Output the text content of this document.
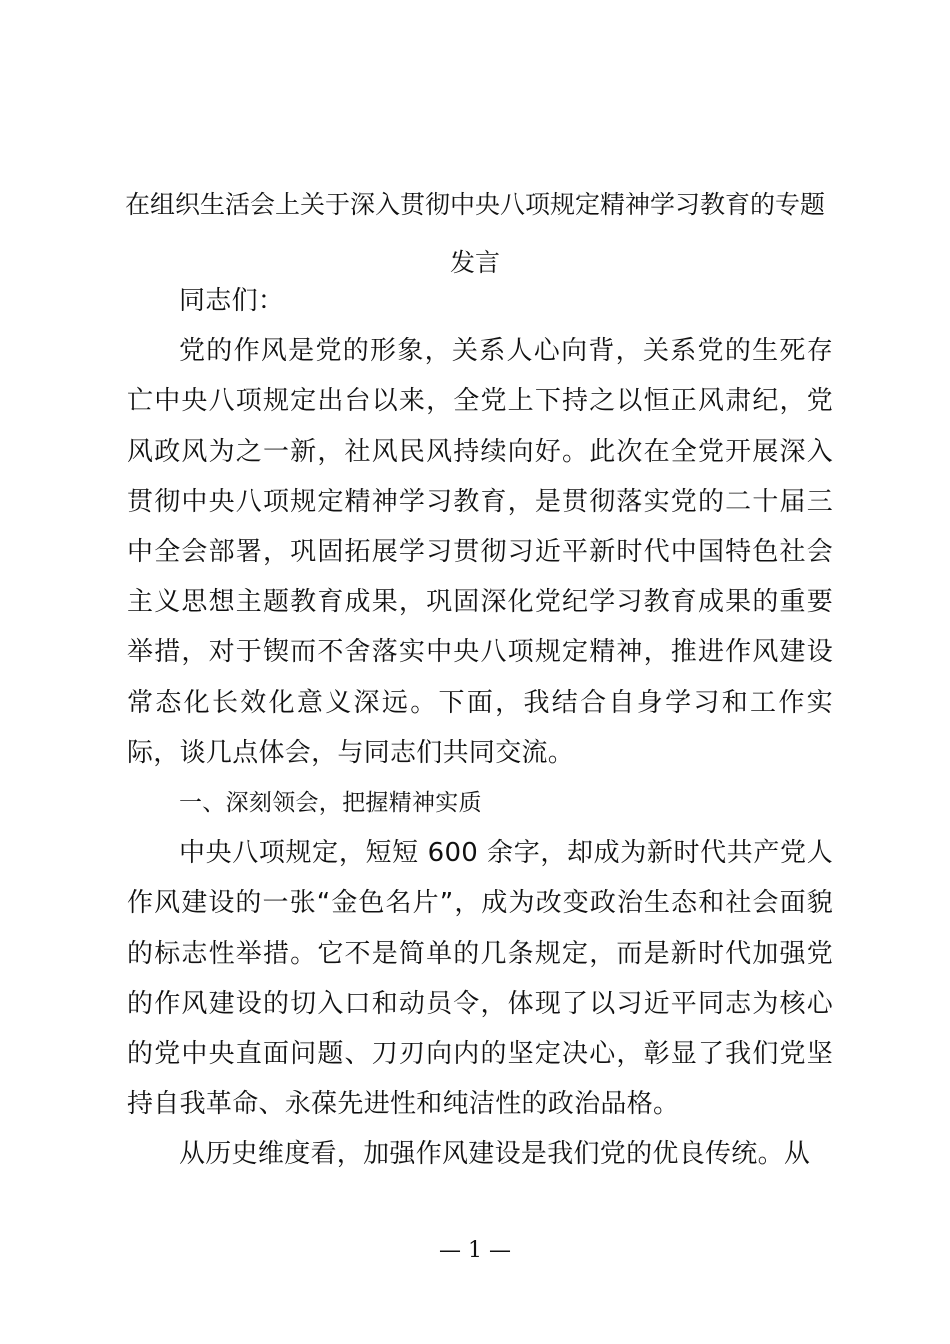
在组织生活会上关于深入贯彻中央八项规定精神学习教育的专题发言

同志们：

党的作风是党的形象，关系人心向背，关系党的生死存亡中央八项规定出台以来，全党上下持之以恒正风肃纪，党风政风为之一新，社风民风持续向好。此次在全党开展深入贯彻中央八项规定精神学习教育，是贯彻落实党的二十届三中全会部署，巩固拓展学习贯彻习近平新时代中国特色社会主义思想主题教育成果，巩固深化党纪学习教育成果的重要举措，对于锲而不舍落实中央八项规定精神，推进作风建设常态化长效化意义深远。下面，我结合自身学习和工作实际，谈几点体会，与同志们共同交流。

一、深刻领会，把握精神实质

中央八项规定，短短 600 余字，却成为新时代共产党人作风建设的一张“金色名片”，成为改变政治生态和社会面貌的标志性举措。它不是简单的几条规定，而是新时代加强党的作风建设的切入口和动员令，体现了以习近平同志为核心的党中央直面问题、刀刃向内的坚定决心，彰显了我们党坚持自我革命、永葆先进性和纯洁性的政治品格。

从历史维度看，加强作风建设是我们党的优良传统。从

— 1 —
